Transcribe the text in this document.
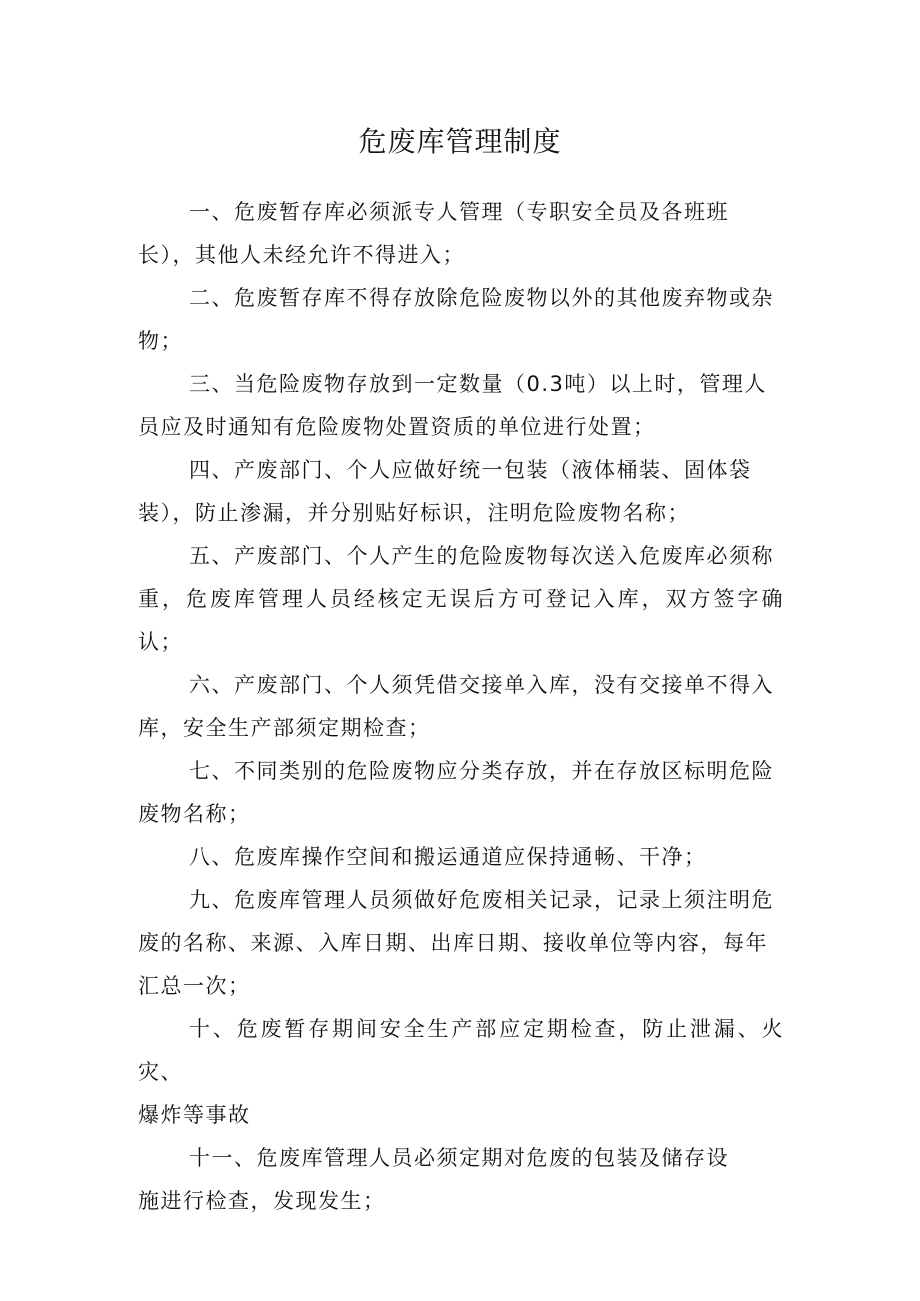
危废库管理制度

一、危废暂存库必须派专人管理（专职安全员及各班班
长），其他人未经允许不得进入；

二、危废暂存库不得存放除危险废物以外的其他废弃物或杂
物；

三、当危险废物存放到一定数量（0.3吨）以上时，管理人
员应及时通知有危险废物处置资质的单位进行处置；

四、产废部门、个人应做好统一包装（液体桶装、固体袋
装），防止渗漏，并分别贴好标识，注明危险废物名称；

五、产废部门、个人产生的危险废物每次送入危废库必须称
重，危废库管理人员经核定无误后方可登记入库，双方签字确认；

六、产废部门、个人须凭借交接单入库，没有交接单不得入
库，安全生产部须定期检查；

七、不同类别的危险废物应分类存放，并在存放区标明危险
废物名称；

八、危废库操作空间和搬运通道应保持通畅、干净；

九、危废库管理人员须做好危废相关记录，记录上须注明危
废的名称、来源、入库日期、出库日期、接收单位等内容，每年
汇总一次；

十、危废暂存期间安全生产部应定期检查，防止泄漏、火灾、
爆炸等事故

十一、危废库管理人员必须定期对危废的包装及储存设
施进行检查，发现发生；
